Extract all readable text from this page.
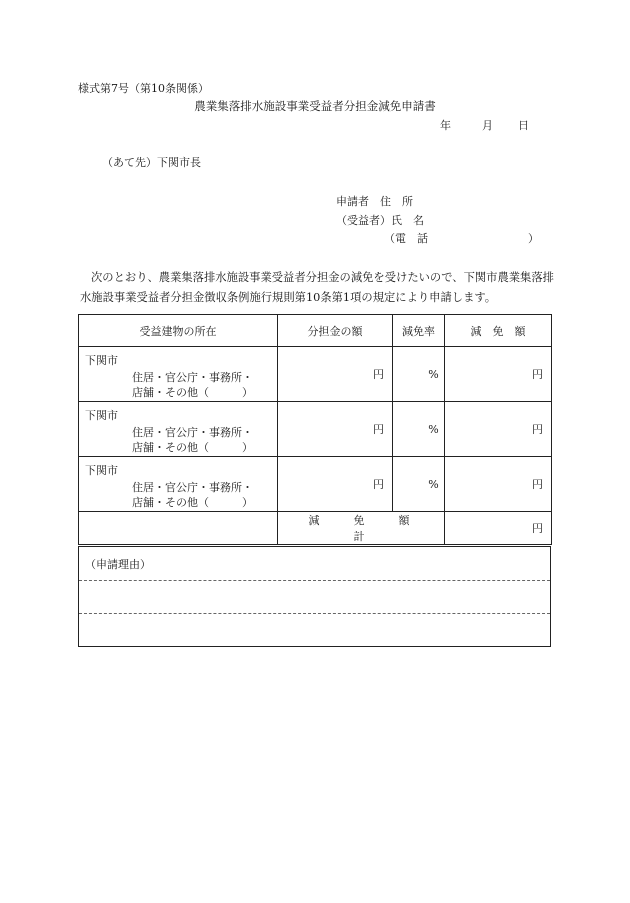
様式第7号（第10条関係）
農業集落排水施設事業受益者分担金減免申請書
年	月 日
（あて先）下関市長
申請者 住　所
（受益者）氏　名
（電　話	）
次のとおり、農業集落排水施設事業受益者分担金の減免を受けたいので、下関市農業集落排水施設事業受益者分担金徴収条例施行規則第10条第1項の規定により申請します。
受益建物の所在	分担金の額	減免率	減　免　額

下関市
住居・官公庁・事務所・
店舗・その他（　　　）	円	%	円

下関市
住居・官公庁・事務所・
店舗・その他（　　　）	円	%	円

下関市
住居・官公庁・事務所・
店舗・その他（　　　）	円	%	円
	減免額計		円
（申請理由）
